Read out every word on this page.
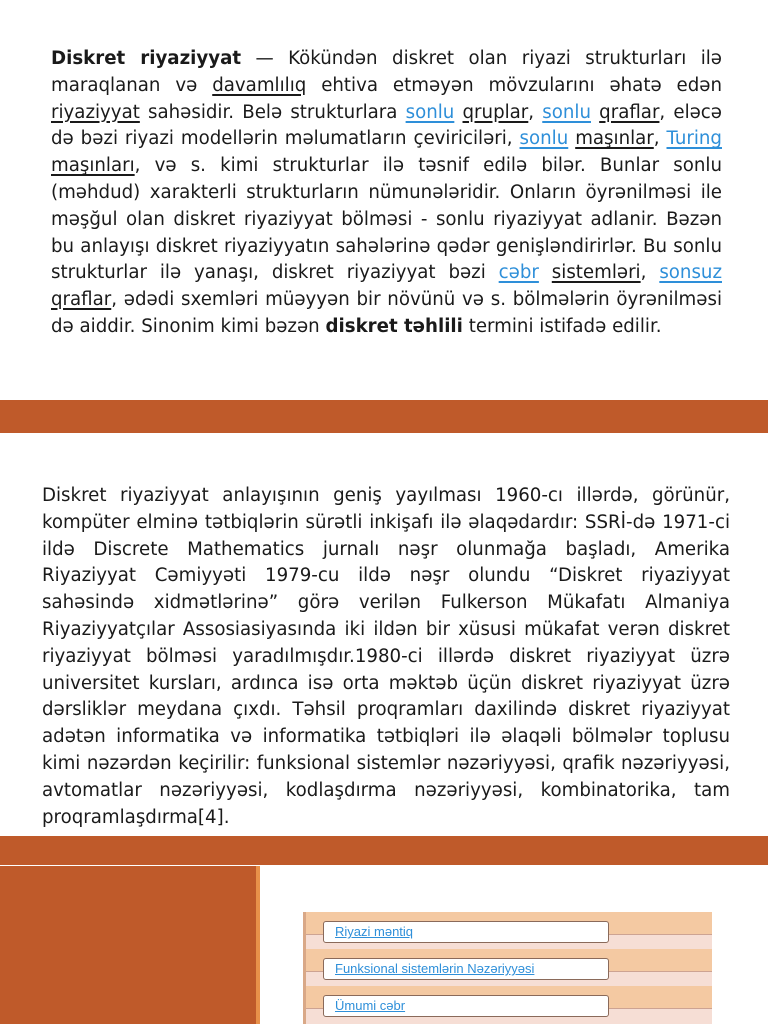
Diskret riyaziyyat — Kökündən diskret olan riyazi strukturları ilə maraqlanan və davamlılıq ehtiva etməyən mövzularını əhatə edən riyaziyyat sahəsidir. Belə strukturlara sonlu qruplar, sonlu qraflar, eləcə də bəzi riyazi modellərin məlumatların çeviriciləri, sonlu maşınlar, Turing maşınları, və s. kimi strukturlar ilə təsnif edilə bilər. Bunlar sonlu (məhdud) xarakterli strukturların nümunələridir. Onların öyrənilməsi ile məşğul olan diskret riyaziyyat bölməsi - sonlu riyaziyyat adlanir. Bəzən bu anlayışı diskret riyaziyyatın sahələrinə qədər genişləndirirlər. Bu sonlu strukturlar ilə yanaşı, diskret riyaziyyat bəzi cəbr sistemləri, sonsuz qraflar, ədədi sxemləri müəyyən bir növünü və s. bölmələrin öyrənilməsi də aiddir. Sinonim kimi bəzən diskret təhlili termini istifadə edilir.

Diskret riyaziyyat anlayışının geniş yayılması 1960-cı illərdə, görünür, kompüter elminə tətbiqlərin sürətli inkişafı ilə əlaqədardır: SSRİ-də 1971-ci ildə Discrete Mathematics jurnalı nəşr olunmağa başladı, Amerika Riyaziyyat Cəmiyyəti 1979-cu ildə nəşr olundu “Diskret riyaziyyat sahəsində xidmətlərinə” görə verilən Fulkerson Mükafatı Almaniya Riyaziyyatçılar Assosiasiyasında iki ildən bir xüsusi mükafat verən diskret riyaziyyat bölməsi yaradılmışdır.1980-ci illərdə diskret riyaziyyat üzrə universitet kursları, ardınca isə orta məktəb üçün diskret riyaziyyat üzrə dərsliklər meydana çıxdı. Təhsil proqramları daxilində diskret riyaziyyat adətən informatika və informatika tətbiqləri ilə əlaqəli bölmələr toplusu kimi nəzərdən keçirilir: funksional sistemlər nəzəriyyəsi, qrafik nəzəriyyəsi, avtomatlar nəzəriyyəsi, kodlaşdırma nəzəriyyəsi, kombinatorika, tam proqramlaşdırma[4].

Riyazi məntiq
Funksional sistemlərin Nəzəriyyəsi
Ümumi cəbr
